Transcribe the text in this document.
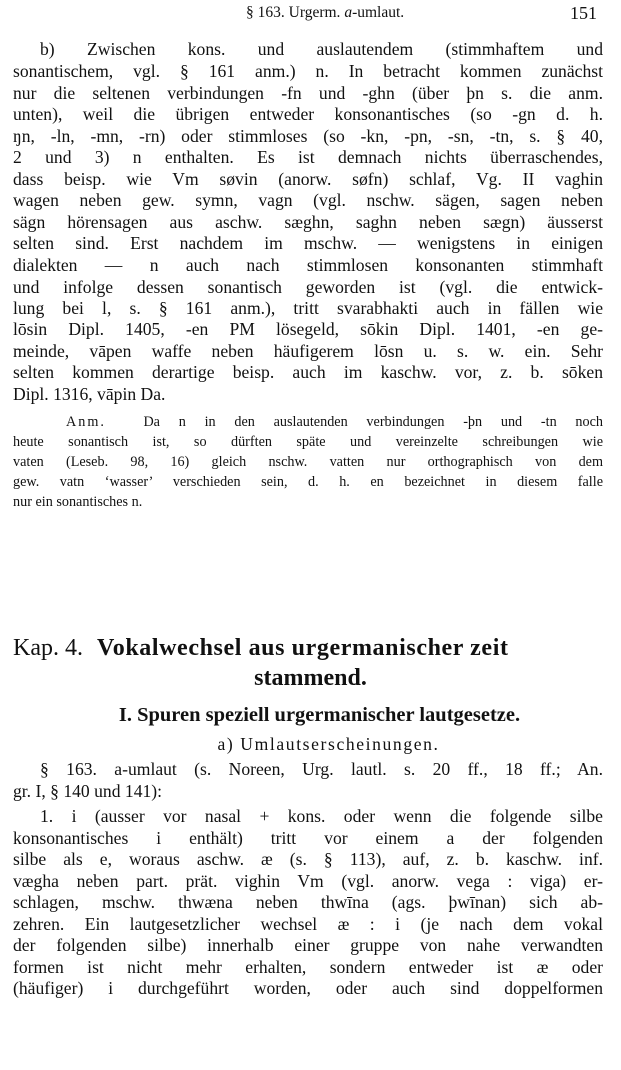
§ 163. Urgerm. a-umlaut.	151
b) Zwischen kons. und auslautendem (stimmhaftem und
sonantischem, vgl. § 161 anm.) n. In betracht kommen zunächst
nur die seltenen verbindungen -fn und -ghn (über þn s. die anm.
unten), weil die übrigen entweder konsonantisches (so -gn d. h.
ŋn, -ln, -mn, -rn) oder stimmloses (so -kn, -pn, -sn, -tn, s. § 40,
2 und 3) n enthalten. Es ist demnach nichts überraschendes,
dass beisp. wie Vm søvin (anorw. søfn) schlaf, Vg. II vaghin
wagen neben gew. symn, vagn (vgl. nschw. sägen, sagen neben
sägn hörensagen aus aschw. sæghn, saghn neben sægn) äusserst
selten sind. Erst nachdem im mschw. — wenigstens in einigen
dialekten — n auch nach stimmlosen konsonanten stimmhaft
und infolge dessen sonantisch geworden ist (vgl. die entwick-
lung bei l, s. § 161 anm.), tritt svarabhakti auch in fällen wie
lōsin Dipl. 1405, -en PM lösegeld, sōkin Dipl. 1401, -en ge-
meinde, vāpen waffe neben häufigerem lōsn u. s. w. ein. Sehr
selten kommen derartige beisp. auch im kaschw. vor, z. b. sōken
Dipl. 1316, vāpin Da.
Anm.	Da n in den auslautenden verbindungen -þn und -tn noch
heute sonantisch ist, so dürften späte und vereinzelte schreibungen wie
vaten (Leseb. 98, 16) gleich nschw. vatten nur orthographisch von dem
gew. vatn ‘wasser’ verschieden sein, d. h. en bezeichnet in diesem falle
nur ein sonantisches n.
Kap. 4. Vokalwechsel aus urgermanischer zeit
stammend.
I. Spuren speziell urgermanischer lautgesetze.
a) Umlautserscheinungen.
§ 163. a-umlaut (s. Noreen, Urg. lautl. s. 20 ff., 18 ff.; An.
gr. I, § 140 und 141):
1. i (ausser vor nasal + kons. oder wenn die folgende silbe
konsonantisches i enthält) tritt vor einem a der folgenden
silbe als e, woraus aschw. æ (s. § 113), auf, z. b. kaschw. inf.
vægha neben part. prät. vighin Vm (vgl. anorw. vega : viga) er-
schlagen, mschw. thwæna neben thwīna (ags. þwīnan) sich ab-
zehren. Ein lautgesetzlicher wechsel æ : i (je nach dem vokal
der folgenden silbe) innerhalb einer gruppe von nahe verwandten
formen ist nicht mehr erhalten, sondern entweder ist æ oder
(häufiger) i durchgeführt worden, oder auch sind doppelformen
